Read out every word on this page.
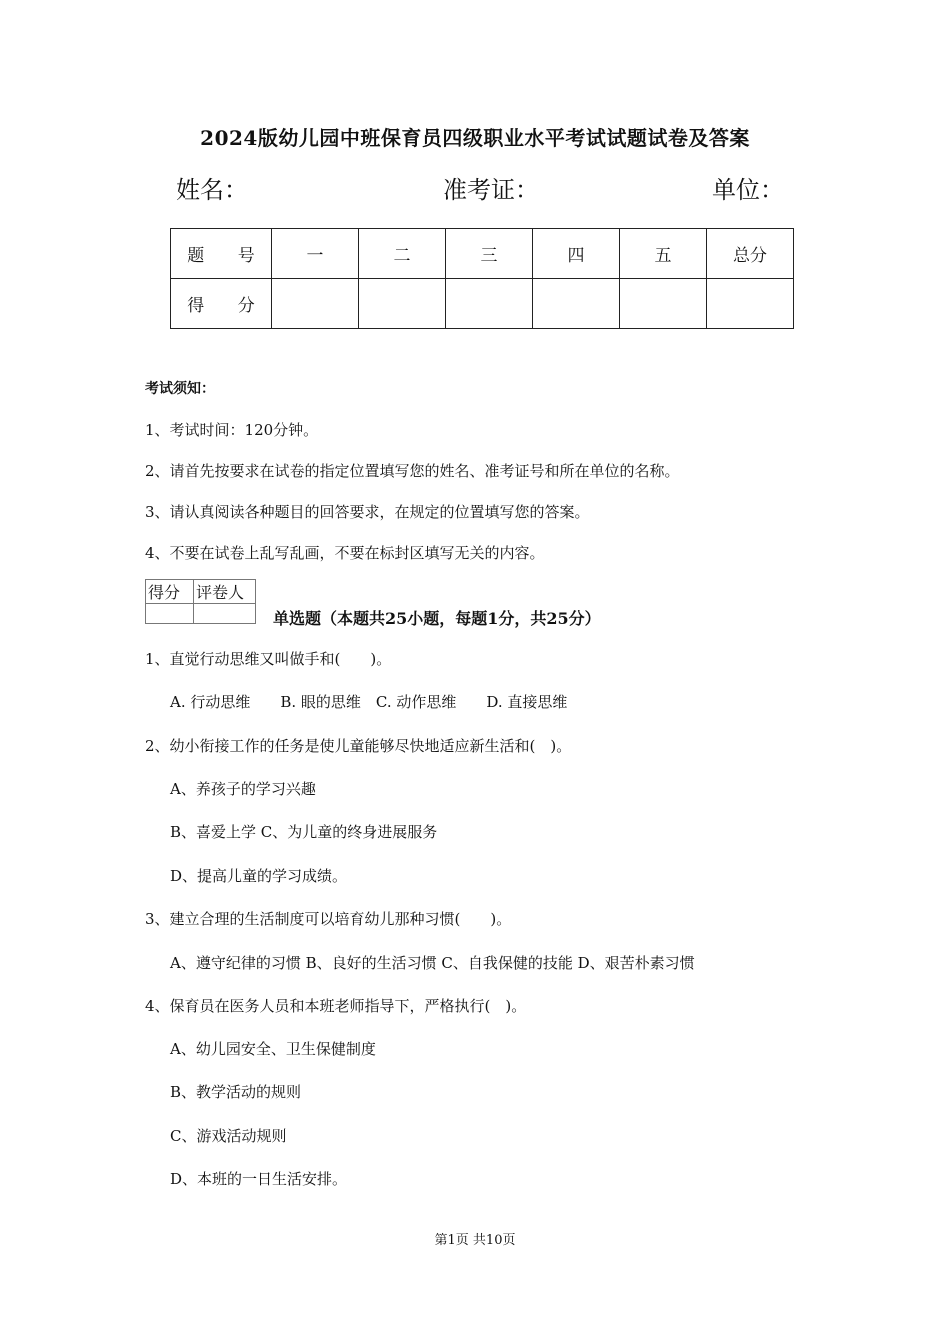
2024版幼儿园中班保育员四级职业水平考试试题试卷及答案
姓名：	准考证：	单位：
题 号	一	二	三	四	五	总分
得 分						
考试须知：
1、考试时间：120分钟。
2、请首先按要求在试卷的指定位置填写您的姓名、准考证号和所在单位的名称。
3、请认真阅读各种题目的回答要求，在规定的位置填写您的答案。
4、不要在试卷上乱写乱画，不要在标封区填写无关的内容。
得分	评卷人

单选题（本题共25小题，每题1分，共25分）
1、直觉行动思维又叫做手和(　　)。
A. 行动思维　　B. 眼的思维　C. 动作思维　　D. 直接思维
2、幼小衔接工作的任务是使儿童能够尽快地适应新生活和(　)。
A、养孩子的学习兴趣
B、喜爱上学 C、为儿童的终身进展服务
D、提高儿童的学习成绩。
3、建立合理的生活制度可以培育幼儿那种习惯(　　)。
A、遵守纪律的习惯 B、良好的生活习惯 C、自我保健的技能 D、艰苦朴素习惯
4、保育员在医务人员和本班老师指导下，严格执行(　)。
A、幼儿园安全、卫生保健制度
B、教学活动的规则
C、游戏活动规则
D、本班的一日生活安排。
第1页 共10页
